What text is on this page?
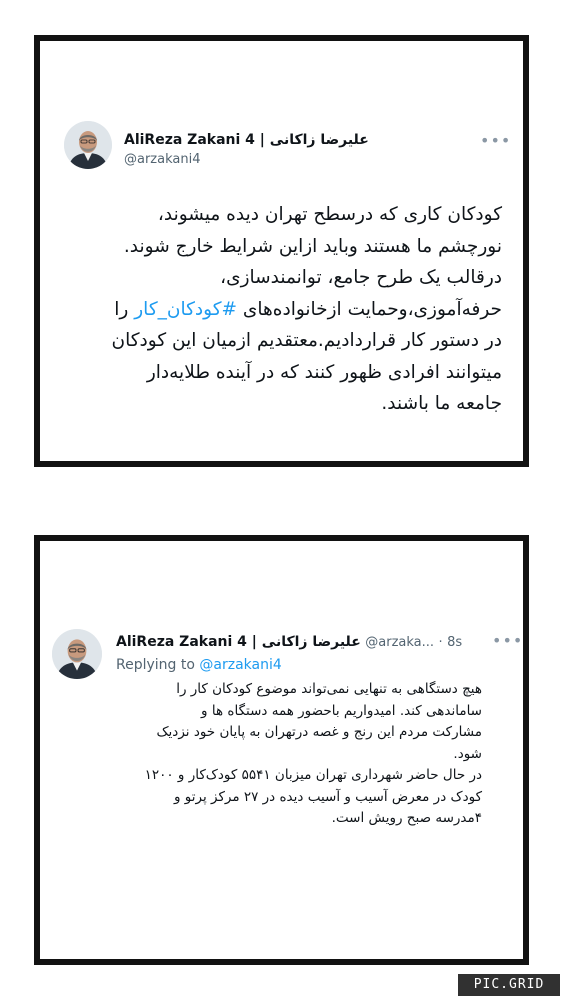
AliReza Zakani 4 | علیرضا زاکانی
@arzakani4
•••
کودکان کاری که درسطح تهران دیده میشوند،
نورچشم ما هستند وباید ازاین شرایط خارج شوند.
درقالب یک طرح جامع، توانمندسازی،
حرفه‌آموزی،وحمایت ازخانواده‌های #کودکان_کار را
در دستور کار قراردادیم.معتقدیم ازمیان این کودکان
میتوانند افرادی ظهور کنند که در آینده طلایه‌دار
جامعه ما باشند.
AliReza Zakani 4 | علیرضا زاکانی @arzaka... · 8s •••
Replying to @arzakani4
هیچ دستگاهی به تنهایی نمی‌تواند موضوع کودکان کار را
ساماندهی کند. امیدواریم باحضور همه دستگاه ها و
مشارکت مردم این رنج و غصه درتهران به پایان خود نزدیک
شود.
در حال حاضر شهرداری تهران میزبان ۵۵۴۱ کودک‌کار و ۱۲۰۰
کودک در معرض آسیب و آسیب دیده در ۲۷ مرکز پرتو و
۴مدرسه صبح رویش است.
PIC.GRID
